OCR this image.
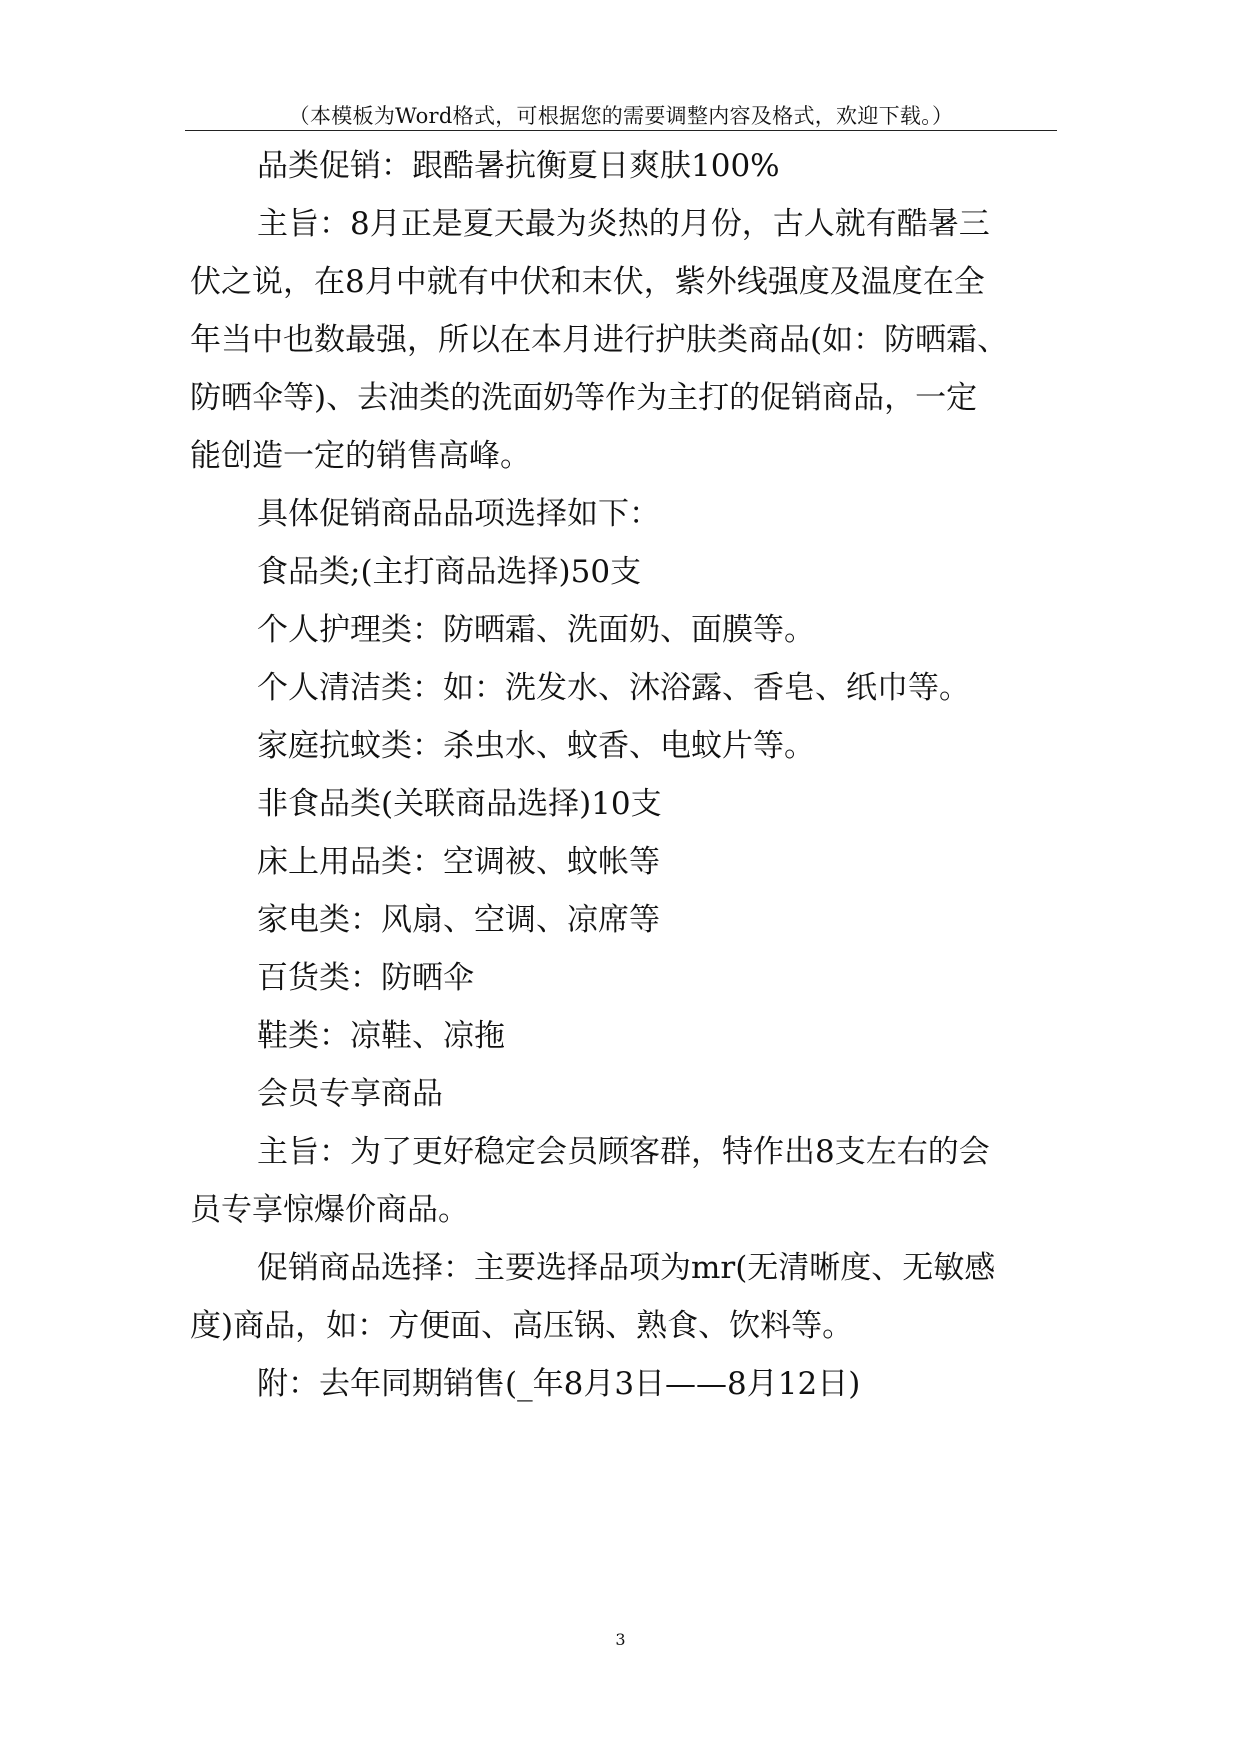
（本模板为Word格式，可根据您的需要调整内容及格式，欢迎下载。）
品类促销：跟酷暑抗衡夏日爽肤100%
主旨：8月正是夏天最为炎热的月份，古人就有酷暑三
伏之说，在8月中就有中伏和末伏，紫外线强度及温度在全
年当中也数最强，所以在本月进行护肤类商品(如：防晒霜、
防晒伞等)、去油类的洗面奶等作为主打的促销商品，一定
能创造一定的销售高峰。
具体促销商品品项选择如下：
食品类;(主打商品选择)50支
个人护理类：防晒霜、洗面奶、面膜等。
个人清洁类：如：洗发水、沐浴露、香皂、纸巾等。
家庭抗蚊类：杀虫水、蚊香、电蚊片等。
非食品类(关联商品选择)10支
床上用品类：空调被、蚊帐等
家电类：风扇、空调、凉席等
百货类：防晒伞
鞋类：凉鞋、凉拖
会员专享商品
主旨：为了更好稳定会员顾客群，特作出8支左右的会
员专享惊爆价商品。
促销商品选择：主要选择品项为mr(无清晰度、无敏感
度)商品，如：方便面、高压锅、熟食、饮料等。
附：去年同期销售(_年8月3日——8月12日)
3
